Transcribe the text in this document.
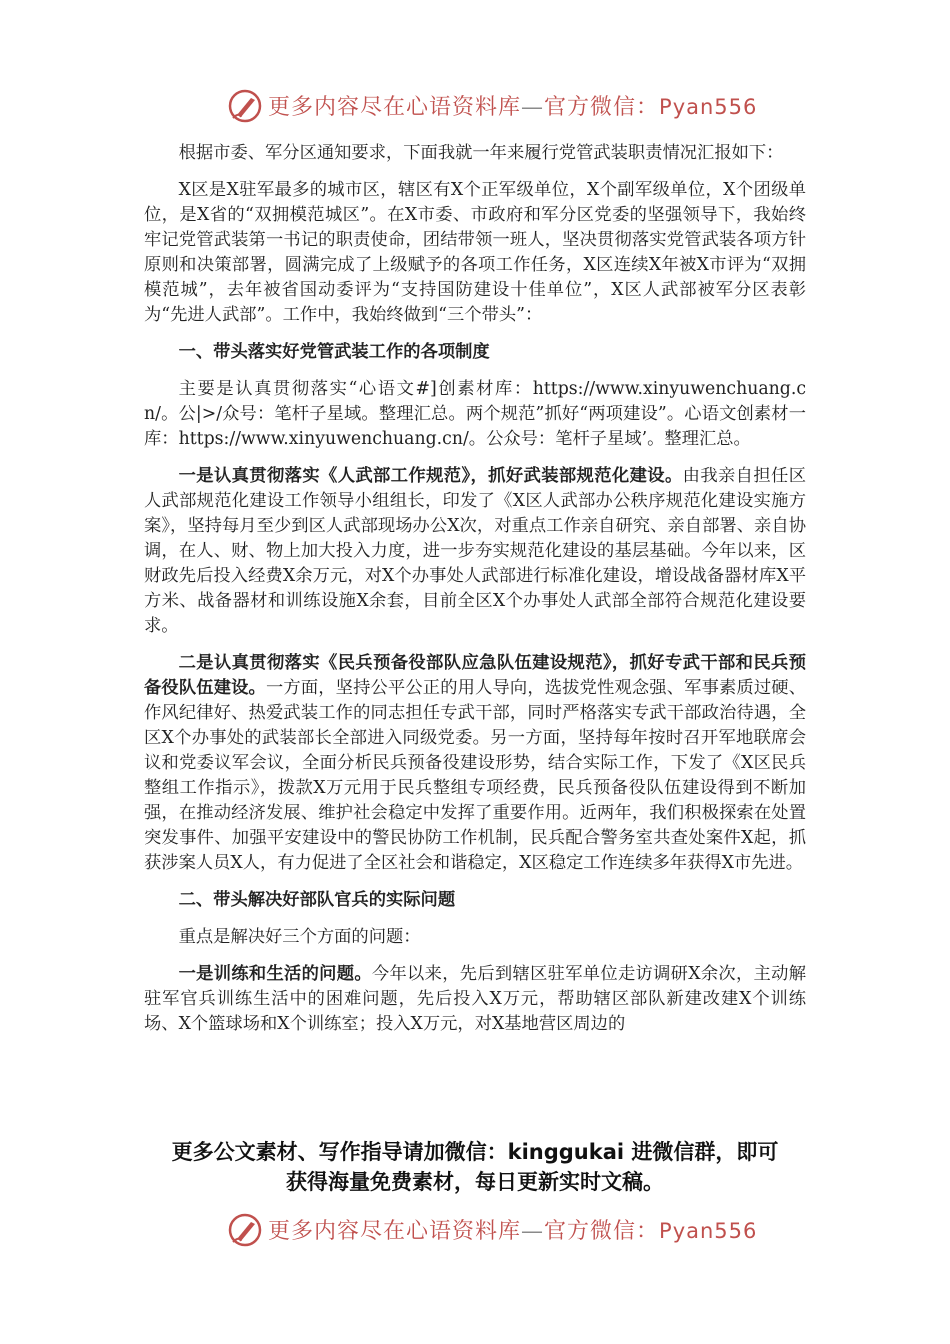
更多内容尽在心语资料库—官方微信：Pyan556

根据市委、军分区通知要求，下面我就一年来履行党管武装职责情况汇报如下：

X区是X驻军最多的城市区，辖区有X个正军级单位，X个副军级单位，X个团级单位，是X省的“双拥模范城区”。在X市委、市政府和军分区党委的坚强领导下，我始终牢记党管武装第一书记的职责使命，团结带领一班人，坚决贯彻落实党管武装各项方针原则和决策部署，圆满完成了上级赋予的各项工作任务，X区连续X年被X市评为“双拥模范城”，去年被省国动委评为“支持国防建设十佳单位”，X区人武部被军分区表彰为“先进人武部”。工作中，我始终做到“三个带头”：

一、带头落实好党管武装工作的各项制度

主要是认真贯彻落实“心语文#]创素材库：https://www.xinyuwenchuang.cn/。公|>/众号：笔杆子星域。整理汇总。两个规范”抓好“两项建设”。心语文创素材一库：https://www.xinyuwenchuang.cn/。公众号：笔杆子星域’。整理汇总。

一是认真贯彻落实《人武部工作规范》，抓好武装部规范化建设。由我亲自担任区人武部规范化建设工作领导小组组长，印发了《X区人武部办公秩序规范化建设实施方案》，坚持每月至少到区人武部现场办公X次，对重点工作亲自研究、亲自部署、亲自协调，在人、财、物上加大投入力度，进一步夯实规范化建设的基层基础。今年以来，区财政先后投入经费X余万元，对X个办事处人武部进行标准化建设，增设战备器材库X平方米、战备器材和训练设施X余套，目前全区X个办事处人武部全部符合规范化建设要求。

二是认真贯彻落实《民兵预备役部队应急队伍建设规范》，抓好专武干部和民兵预备役队伍建设。一方面，坚持公平公正的用人导向，选拔党性观念强、军事素质过硬、作风纪律好、热爱武装工作的同志担任专武干部，同时严格落实专武干部政治待遇，全区X个办事处的武装部长全部进入同级党委。另一方面，坚持每年按时召开军地联席会议和党委议军会议，全面分析民兵预备役建设形势，结合实际工作，下发了《X区民兵整组工作指示》，拨款X万元用于民兵整组专项经费，民兵预备役队伍建设得到不断加强，在推动经济发展、维护社会稳定中发挥了重要作用。近两年，我们积极探索在处置突发事件、加强平安建设中的警民协防工作机制，民兵配合警务室共查处案件X起，抓获涉案人员X人，有力促进了全区社会和谐稳定，X区稳定工作连续多年获得X市先进。

二、带头解决好部队官兵的实际问题

重点是解决好三个方面的问题：

一是训练和生活的问题。今年以来，先后到辖区驻军单位走访调研X余次，主动解驻军官兵训练生活中的困难问题，先后投入X万元，帮助辖区部队新建改建X个训练场、X个篮球场和X个训练室；投入X万元，对X基地营区周边的

更多公文素材、写作指导请加微信：kinggukai 进微信群，即可
获得海量免费素材，每日更新实时文稿。
更多内容尽在心语资料库—官方微信：Pyan556
